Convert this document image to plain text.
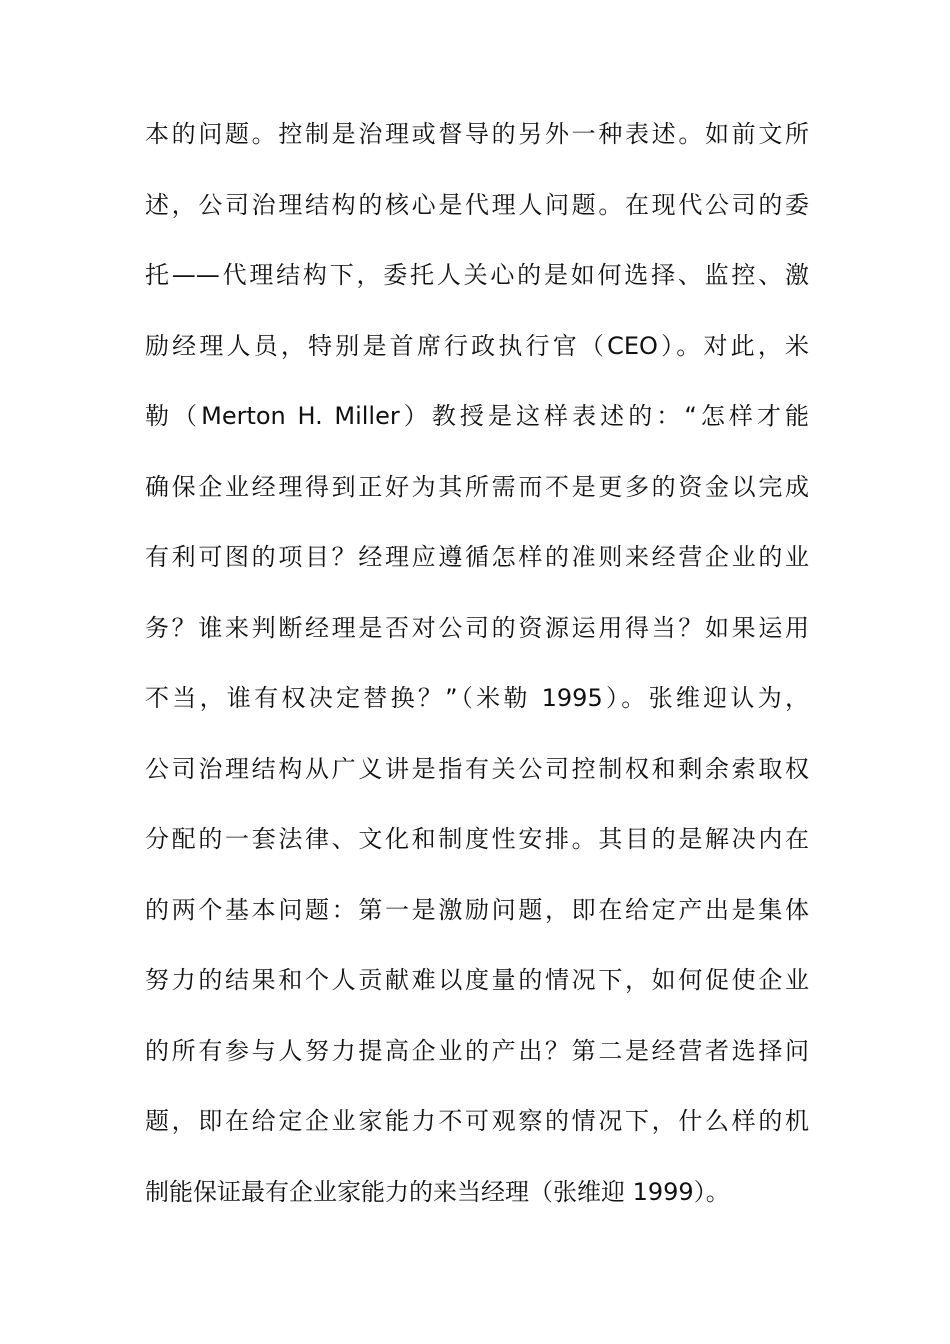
本的问题。控制是治理或督导的另外一种表述。如前文所
述，公司治理结构的核心是代理人问题。在现代公司的委
托——代理结构下，委托人关心的是如何选择、监控、激
励经理人员，特别是首席行政执行官（CEO）。对此，米
勒（Merton H. Miller）教授是这样表述的：“怎样才能
确保企业经理得到正好为其所需而不是更多的资金以完成
有利可图的项目？经理应遵循怎样的准则来经营企业的业
务？谁来判断经理是否对公司的资源运用得当？如果运用
不当，谁有权决定替换？”（米勒 1995）。张维迎认为，
公司治理结构从广义讲是指有关公司控制权和剩余索取权
分配的一套法律、文化和制度性安排。其目的是解决内在
的两个基本问题：第一是激励问题，即在给定产出是集体
努力的结果和个人贡献难以度量的情况下，如何促使企业
的所有参与人努力提高企业的产出？第二是经营者选择问
题，即在给定企业家能力不可观察的情况下，什么样的机
制能保证最有企业家能力的来当经理（张维迎 1999）。
